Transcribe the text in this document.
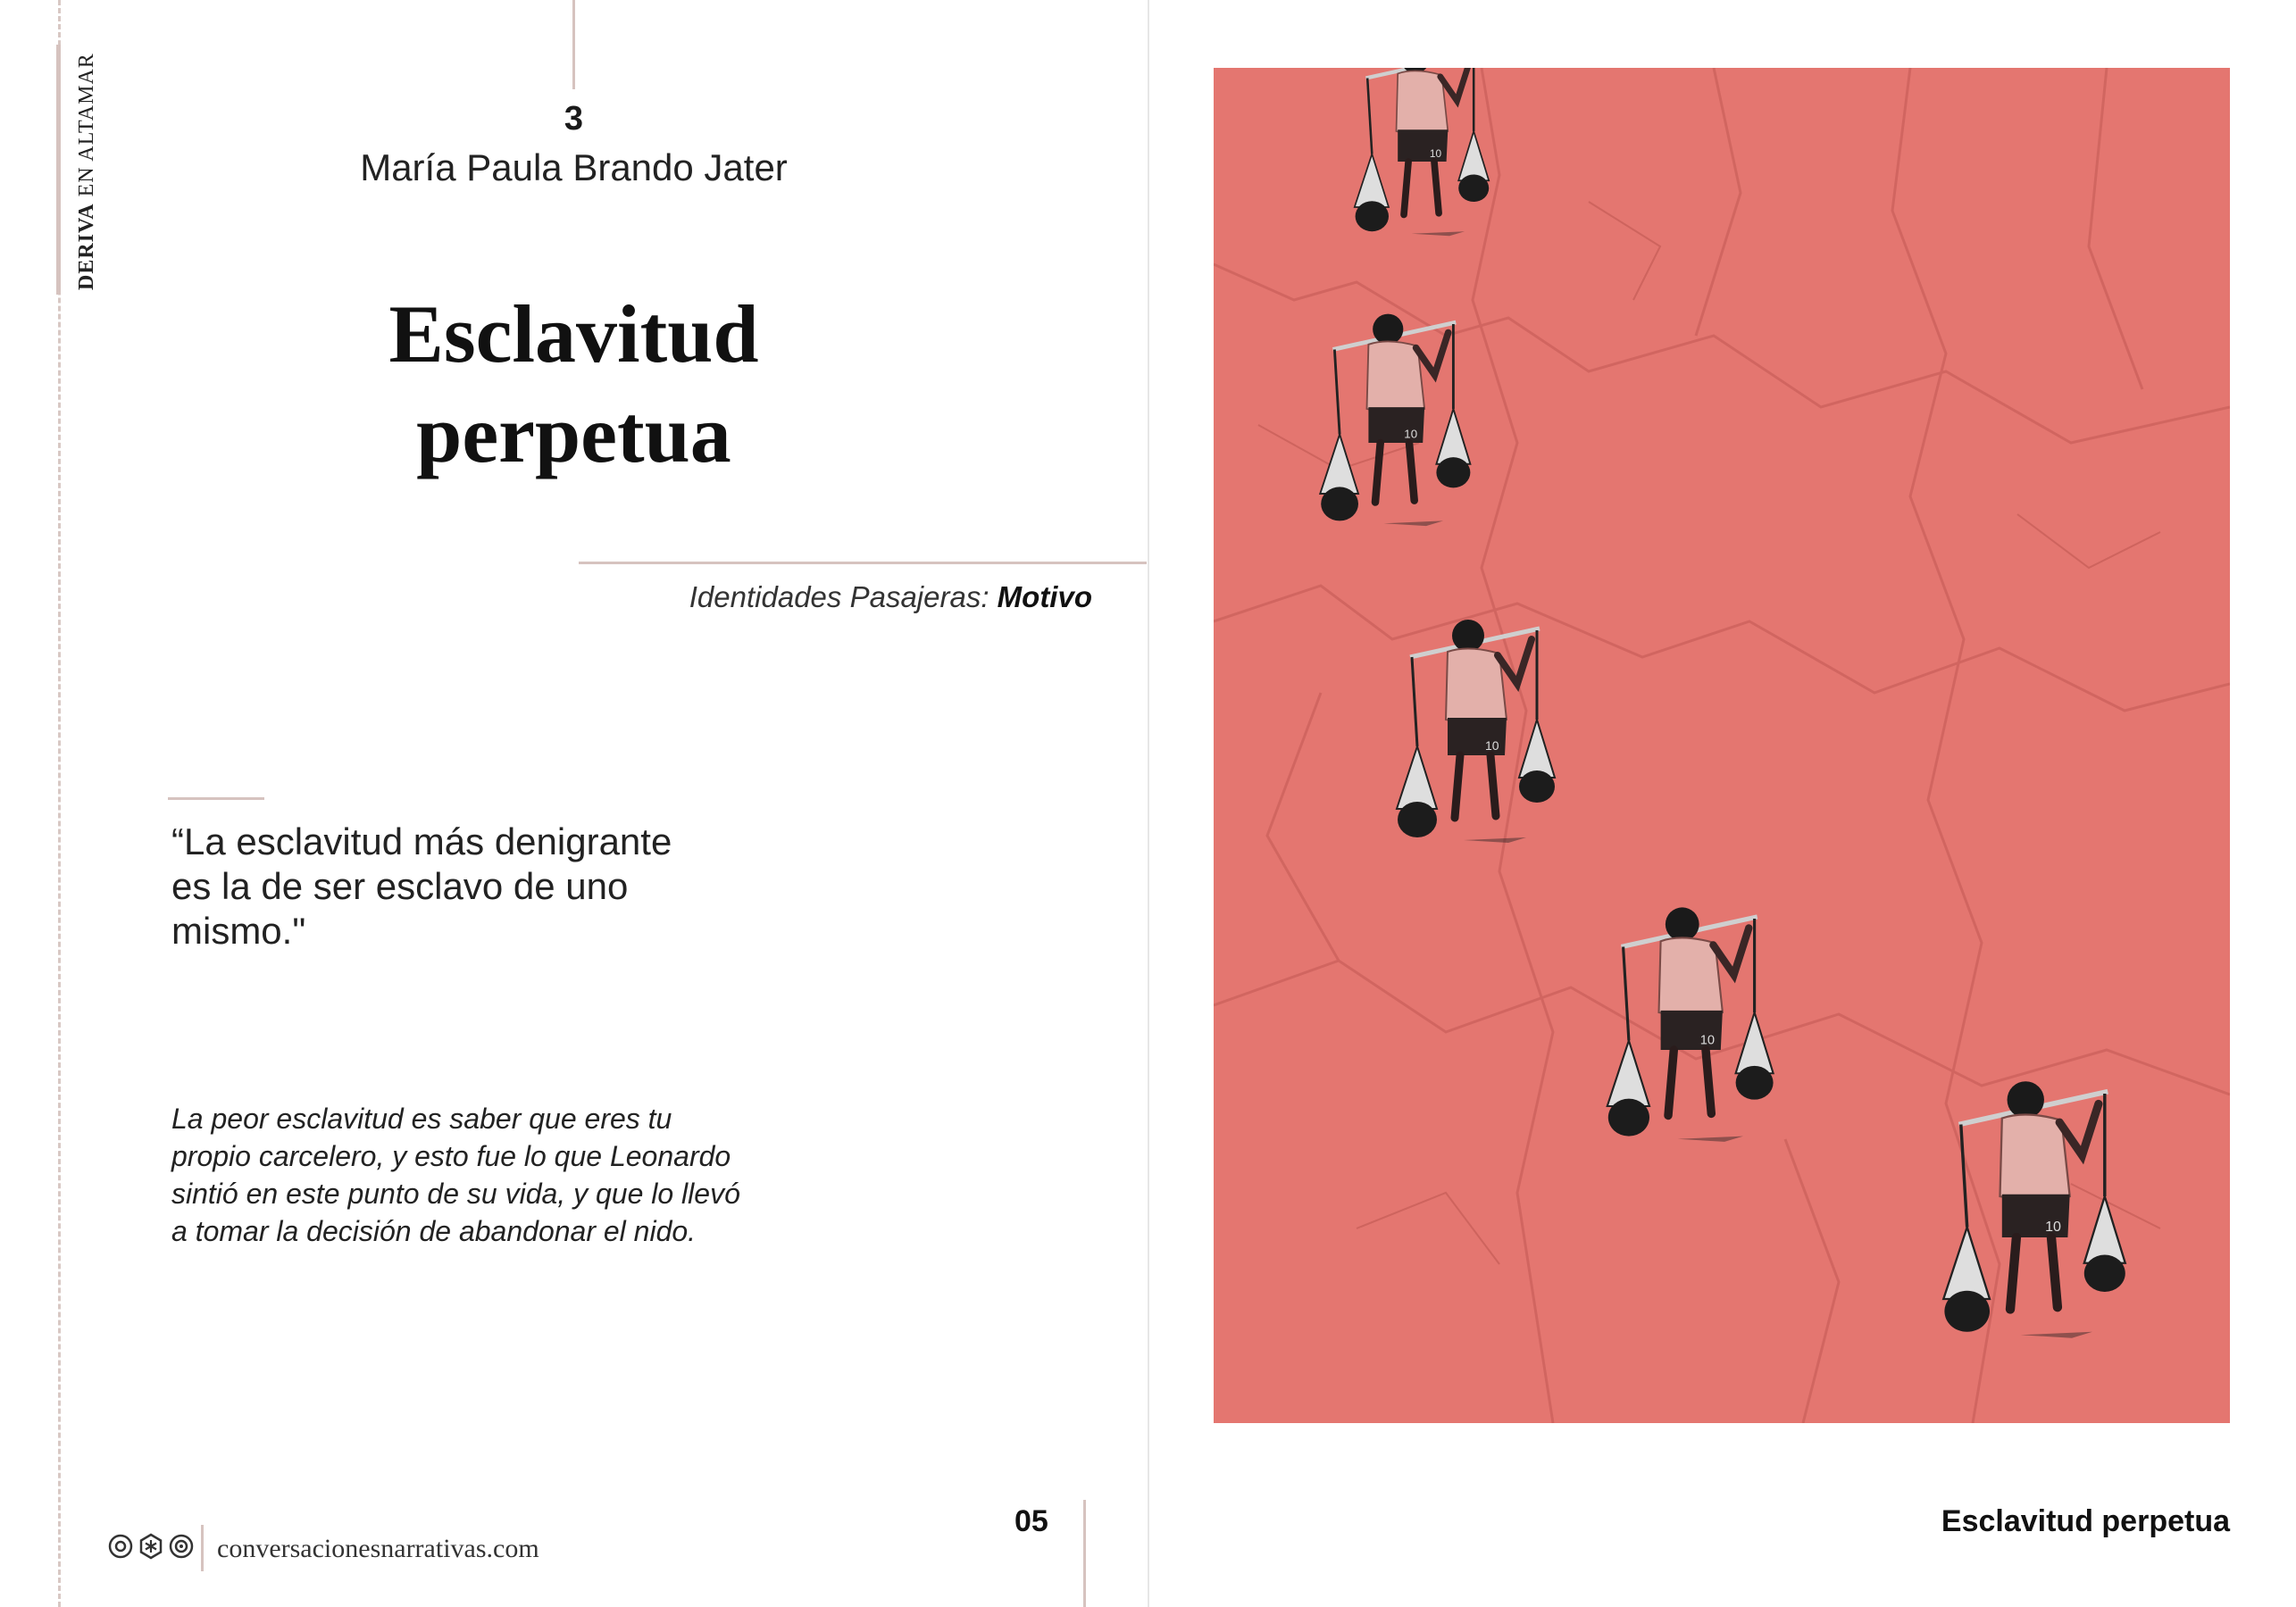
DERIVA EN ALTAMAR	3
María Paula Brando Jater
Esclavitud
perpetua
Identidades Pasajeras: Motivo
“La esclavitud más denigrante es la de ser esclavo de uno mismo."
La peor esclavitud es saber que eres tu propio carcelero, y esto fue lo que Leonardo sintió en este punto de su vida, y que lo llevó a tomar la decisión de abandonar el nido.
conversacionesnarrativas.com
05	Esclavitud perpetua
10
